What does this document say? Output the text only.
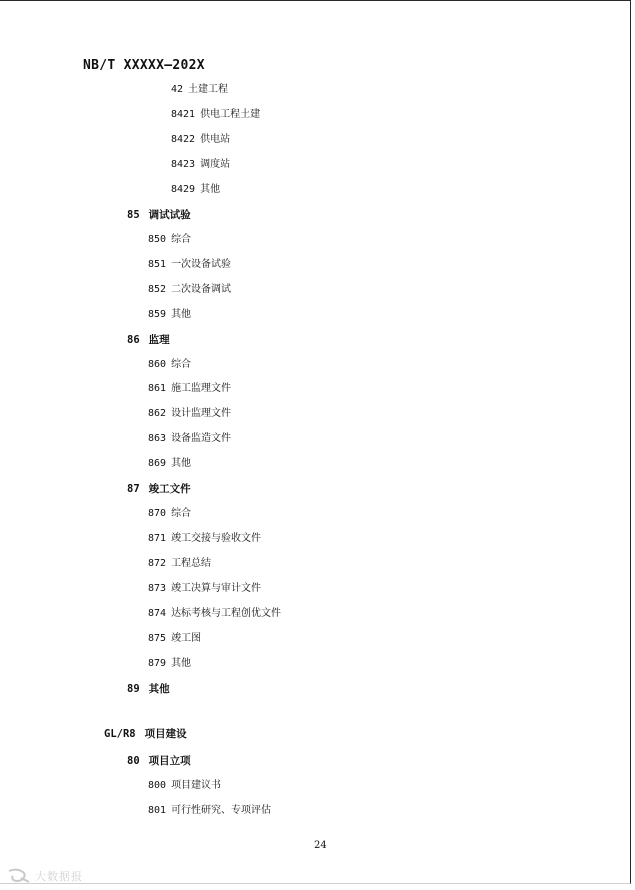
NB/T XXXXX—202X
42 土建工程
8421 供电工程土建
8422 供电站
8423 调度站
8429 其他
85 调试试验
850 综合
851 一次设备试验
852 二次设备调试
859 其他
86 监理
860 综合
861 施工监理文件
862 设计监理文件
863 设备监造文件
869 其他
87 竣工文件
870 综合
871 竣工交接与验收文件
872 工程总结
873 竣工决算与审计文件
874 达标考核与工程创优文件
875 竣工图
879 其他
89 其他
GL/R8 项目建设
80 项目立项
800 项目建议书
801 可行性研究、专项评估
24
大数据报
